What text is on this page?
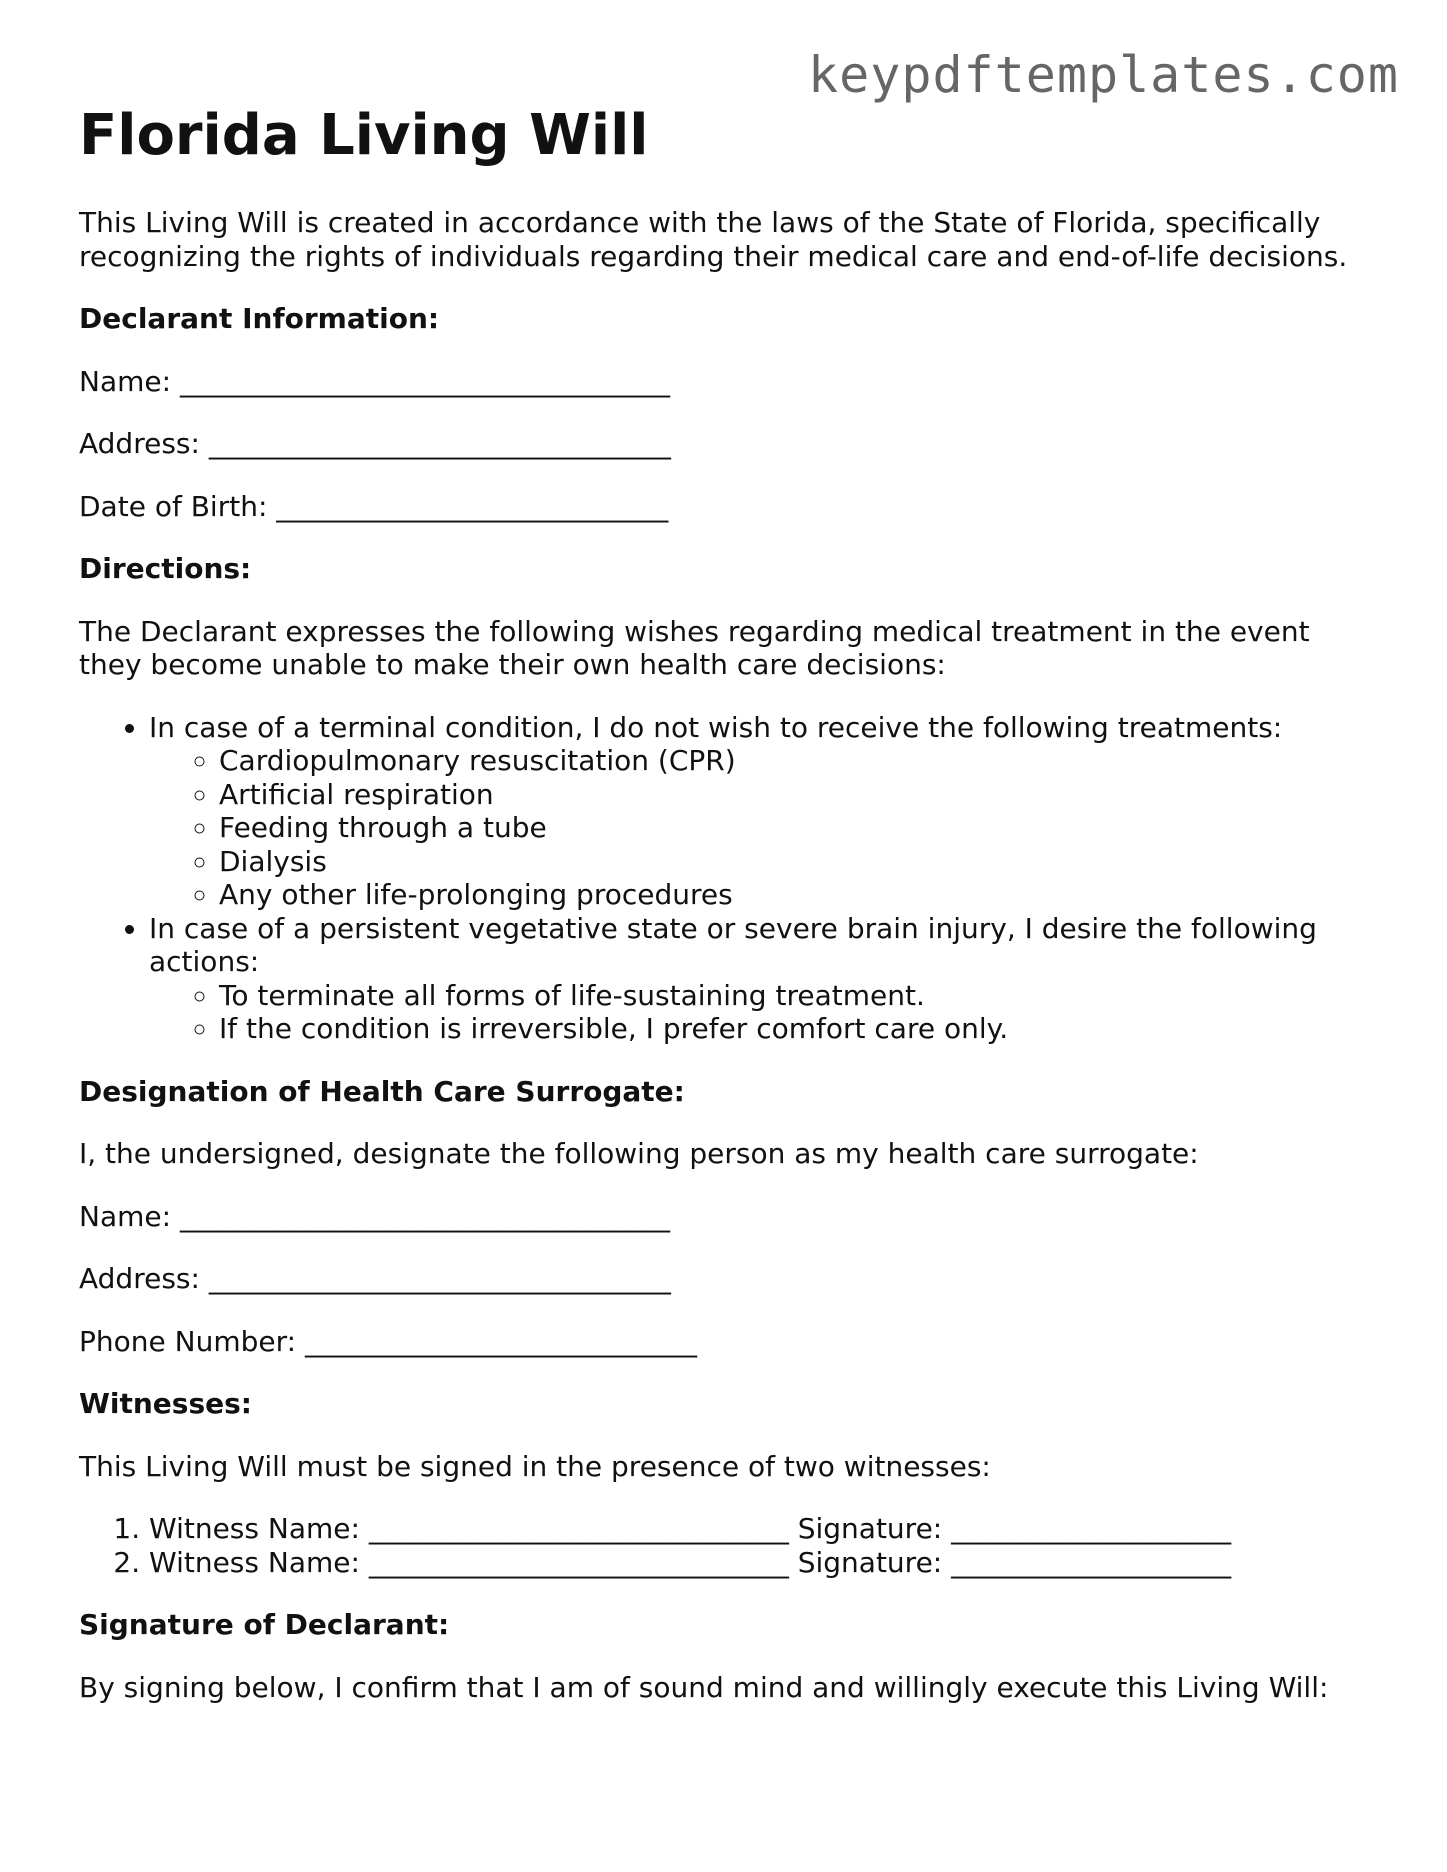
keypdftemplates.com
Florida Living Will

This Living Will is created in accordance with the laws of the State of Florida, specifically recognizing the rights of individuals regarding their medical care and end-of-life decisions.

Declarant Information:

Name: ___________________________________

Address: _________________________________

Date of Birth: ____________________________

Directions:

The Declarant expresses the following wishes regarding medical treatment in the event they become unable to make their own health care decisions:

• In case of a terminal condition, I do not wish to receive the following treatments:
◦ Cardiopulmonary resuscitation (CPR)
◦ Artificial respiration
◦ Feeding through a tube
◦ Dialysis
◦ Any other life-prolonging procedures
• In case of a persistent vegetative state or severe brain injury, I desire the following actions:
◦ To terminate all forms of life-sustaining treatment.
◦ If the condition is irreversible, I prefer comfort care only.

Designation of Health Care Surrogate:

I, the undersigned, designate the following person as my health care surrogate:

Name: ___________________________________

Address: _________________________________

Phone Number: ____________________________

Witnesses:

This Living Will must be signed in the presence of two witnesses:

1. Witness Name: ______________________________ Signature: ____________________
2. Witness Name: ______________________________ Signature: ____________________

Signature of Declarant:

By signing below, I confirm that I am of sound mind and willingly execute this Living Will:
